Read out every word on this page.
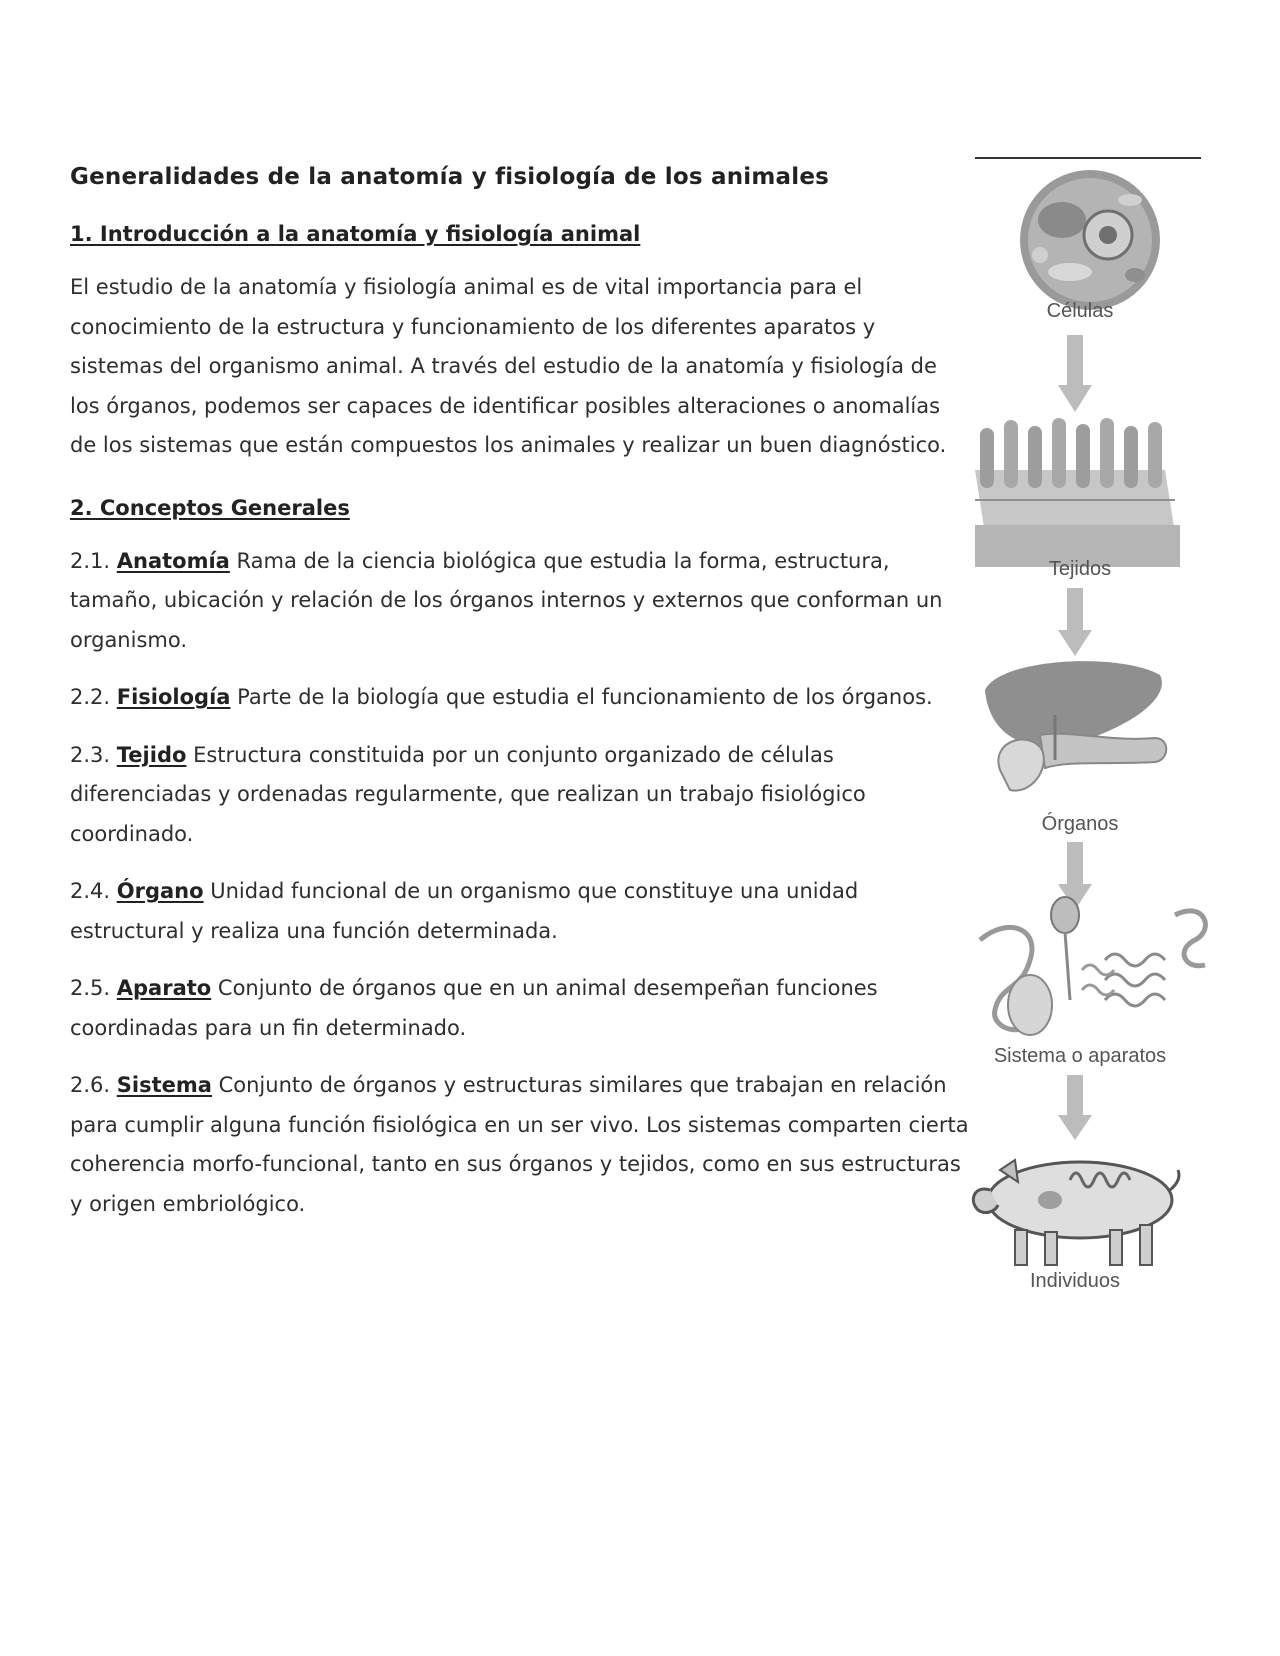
Generalidades de la anatomía y fisiología de los animales
1. Introducción a la anatomía y fisiología animal

El estudio de la anatomía y fisiología animal es de vital importancia para el conocimiento de la estructura y funcionamiento de los diferentes aparatos y sistemas del organismo animal. A través del estudio de la anatomía y fisiología de los órganos, podemos ser capaces de identificar posibles alteraciones o anomalías de los sistemas que están compuestos los animales y realizar un buen diagnóstico.

2. Conceptos Generales

2.1. Anatomía Rama de la ciencia biológica que estudia la forma, estructura, tamaño, ubicación y relación de los órganos internos y externos que conforman un organismo.

2.2. Fisiología Parte de la biología que estudia el funcionamiento de los órganos.

2.3. Tejido Estructura constituida por un conjunto organizado de células diferenciadas y ordenadas regularmente, que realizan un trabajo fisiológico coordinado.

2.4. Órgano Unidad funcional de un organismo que constituye una unidad estructural y realiza una función determinada.

2.5. Aparato Conjunto de órganos que en un animal desempeñan funciones coordinadas para un fin determinado.

2.6. Sistema Conjunto de órganos y estructuras similares que trabajan en relación para cumplir alguna función fisiológica en un ser vivo. Los sistemas comparten cierta coherencia morfo-funcional, tanto en sus órganos y tejidos, como en sus estructuras y origen embriológico.

Células
Tejidos
Órganos
Sistema o aparatos
Individuos
